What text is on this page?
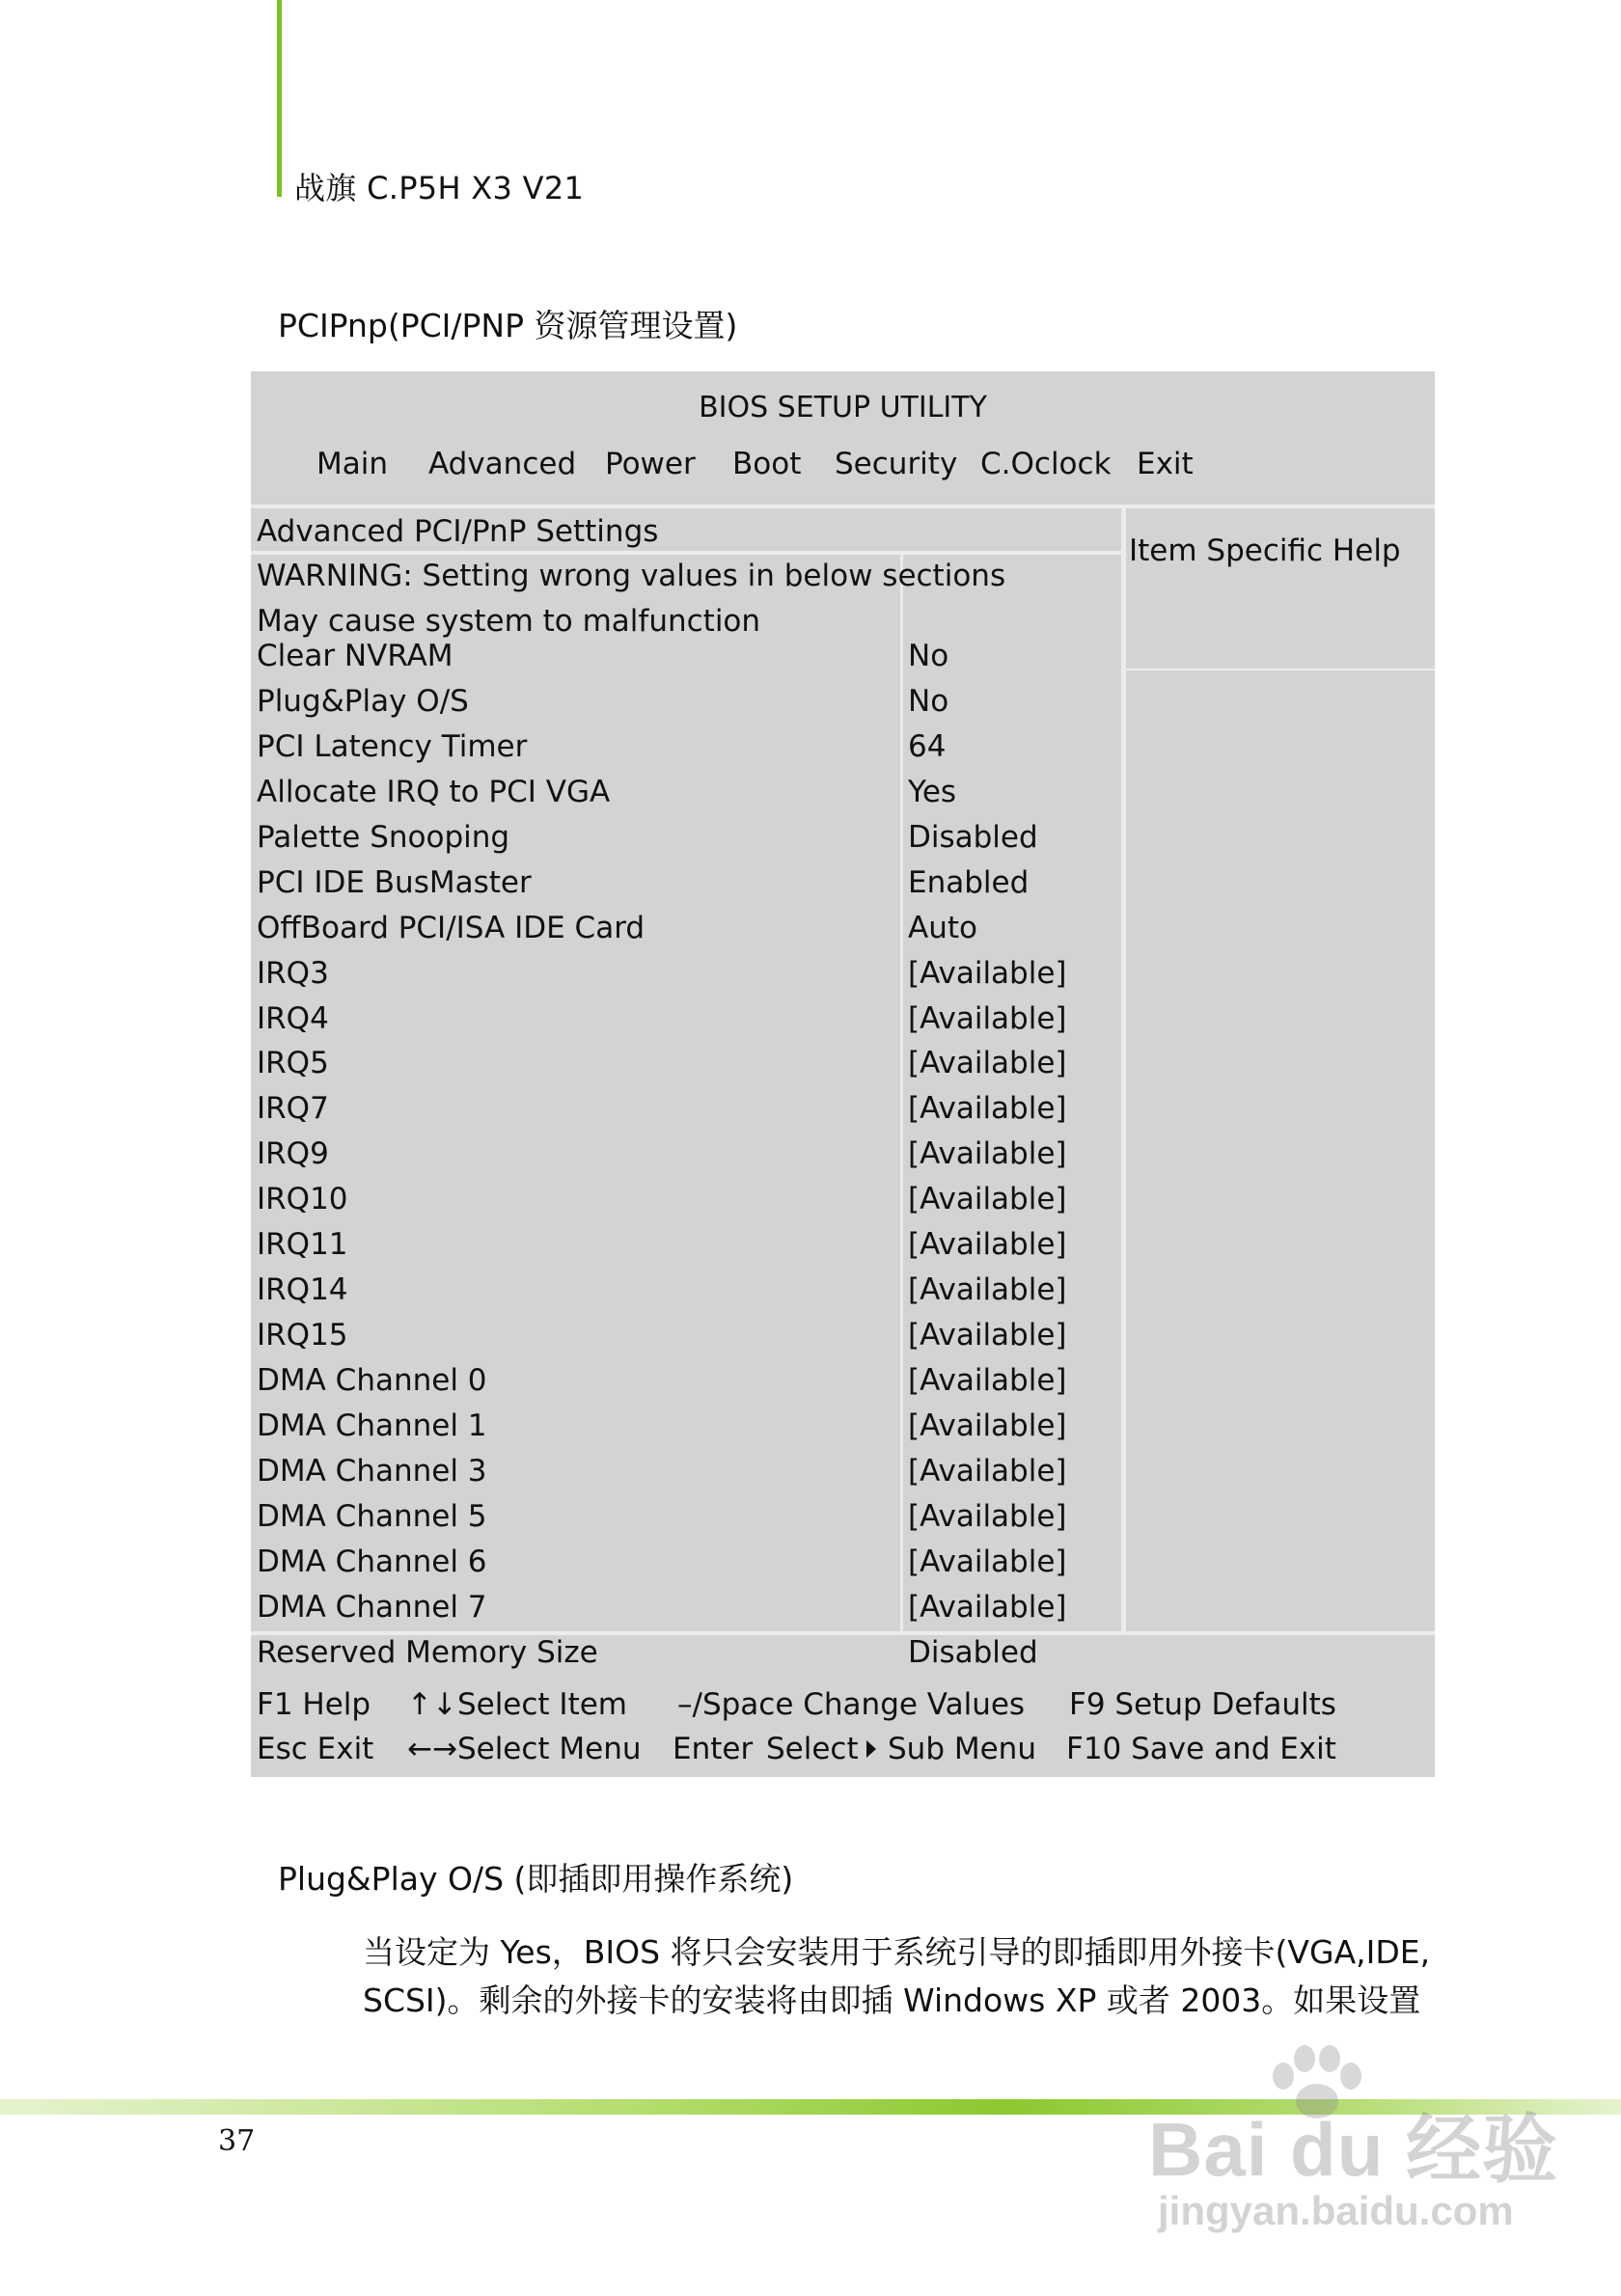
战旗 C.P5H X3 V21
PCIPnp(PCI/PNP 资源管理设置)
BIOS SETUP UTILITY
Main Advanced Power Boot Security C.Oclock Exit
Advanced PCI/PnP Settings
WARNING: Setting wrong values in below sections
May cause system to malfunction
Item Specific Help
Clear NVRAM	No
Plug&Play O/S	No
PCI Latency Timer	64
Allocate IRQ to PCI VGA	Yes
Palette Snooping	Disabled
PCI IDE BusMaster	Enabled
OffBoard PCI/ISA IDE Card	Auto
IRQ3	[Available]
IRQ4	[Available]
IRQ5	[Available]
IRQ7	[Available]
IRQ9	[Available]
IRQ10	[Available]
IRQ11	[Available]
IRQ14	[Available]
IRQ15	[Available]
DMA Channel 0	[Available]
DMA Channel 1	[Available]
DMA Channel 3	[Available]
DMA Channel 5	[Available]
DMA Channel 6	[Available]
DMA Channel 7	[Available]
Reserved Memory Size	Disabled
F1 Help ↑↓Select Item –/Space Change Values F9 Setup Defaults
Esc Exit ←→Select Menu Enter Select Sub Menu F10 Save and Exit
Plug&Play O/S (即插即用操作系统)
当设定为 Yes，BIOS 将只会安装用于系统引导的即插即用外接卡(VGA,IDE,
SCSI)。剩余的外接卡的安装将由即插 Windows XP 或者 2003。如果设置
37	Bai du 经验
jingyan.baidu.com
